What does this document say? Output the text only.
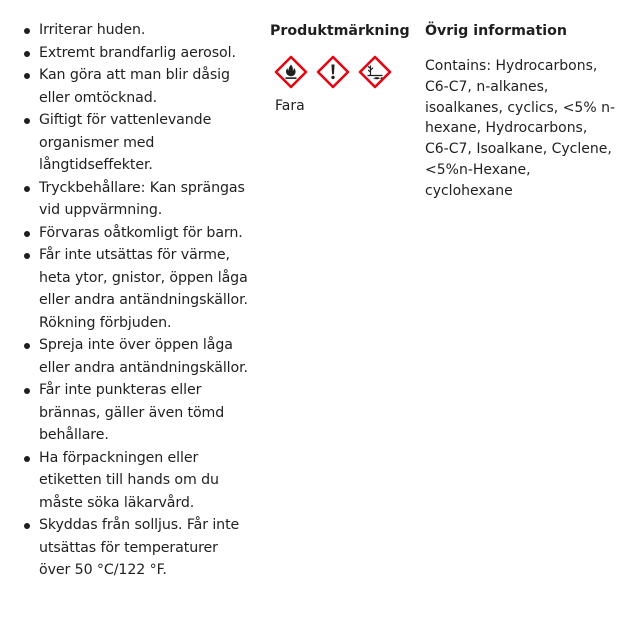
Irriterar huden.
Extremt brandfarlig aerosol.
Kan göra att man blir dåsig eller omtöcknad.
Giftigt för vattenlevande organismer med långtidseffekter.
Tryckbehållare: Kan sprängas vid uppvärmning.
Förvaras oåtkomligt för barn.
Får inte utsättas för värme, heta ytor, gnistor, öppen låga eller andra antändningskällor. Rökning förbjuden.
Spreja inte över öppen låga eller andra antändningskällor.
Får inte punkteras eller brännas, gäller även tömd behållare.
Ha förpackningen eller etiketten till hands om du måste söka läkarvård.
Skyddas från solljus. Får inte utsättas för temperaturer över 50 °C/122 °F.
Produktmärkning
Fara
Övrig information
Contains: Hydrocarbons, C6-C7, n-alkanes, isoalkanes, cyclics, <5% n-hexane, Hydrocarbons, C6-C7, Isoalkane, Cyclene, <5%n-Hexane, cyclohexane
